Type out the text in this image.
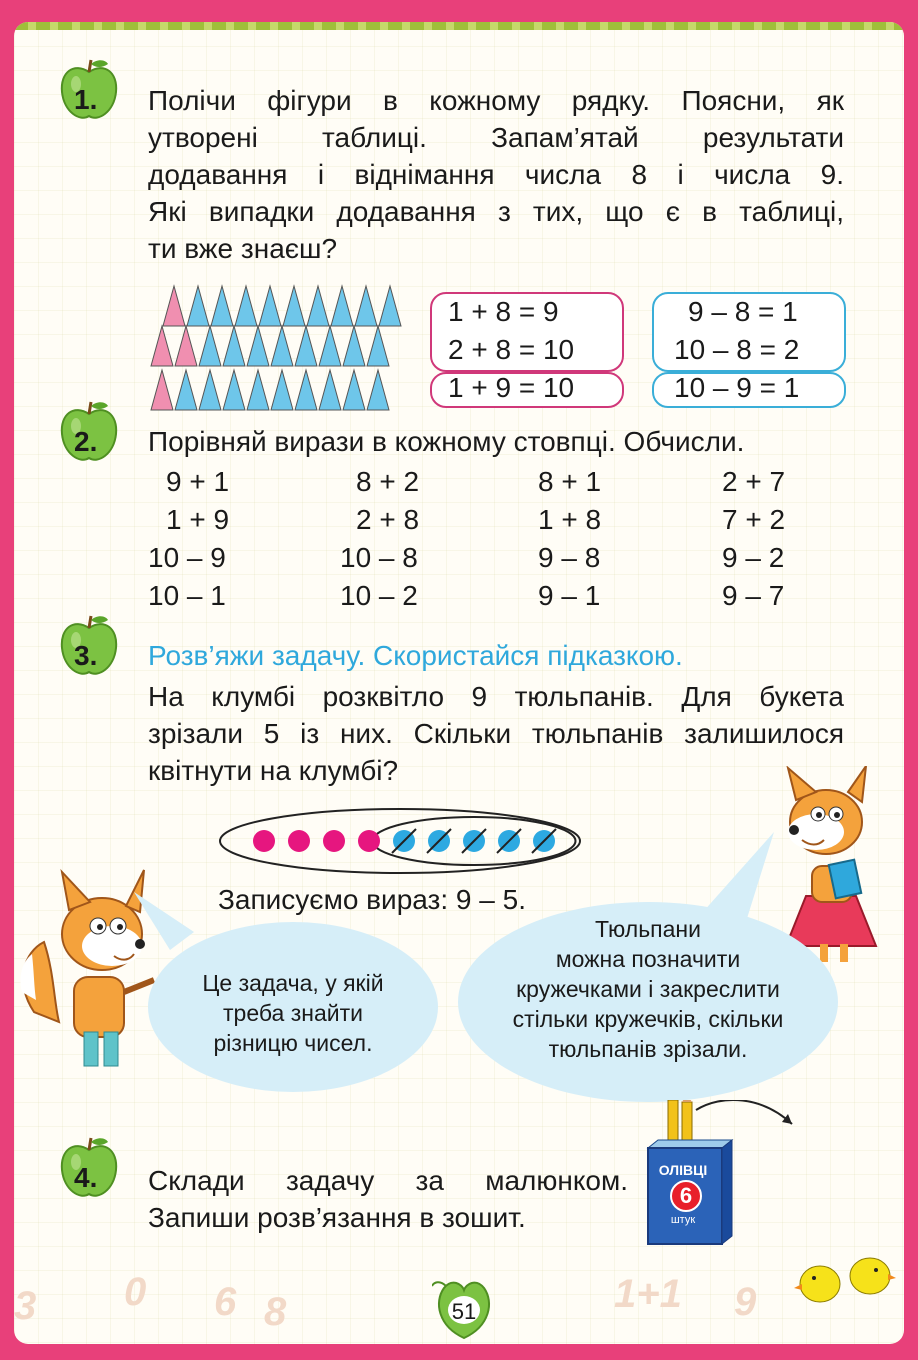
3 0 6 8	1+1 9
1. Полічи фігури в кожному рядку. Поясни, як
утворені таблиці. Запам’ятай результати
додавання і віднімання числа 8 і числа 9.
Які випадки додавання з тих, що є в таблиці,
ти вже знаєш?
1 + 8 = 9
2 + 8 = 10
1 + 9 = 10
9 – 8 = 1
10 – 8 = 2
10 – 9 = 1
2. Порівняй вирази в кожному стовпці. Обчисли.
9 + 1
1 + 9
10 – 9
10 – 1
8 + 2
2 + 8
10 – 8
10 – 2
8 + 1
1 + 8
9 – 8
9 – 1
2 + 7
7 + 2
9 – 2
9 – 7
3. Розв’яжи задачу. Скористайся підказкою.
На клумбі розквітло 9 тюльпанів. Для букета
зрізали 5 із них. Скільки тюльпанів залишилося
квітнути на клумбі?
Записуємо вираз: 9 – 5.
Це задача, у якій
треба знайти
різницю чисел.
Тюльпани
можна позначити
кружечками і закреслити
стільки кружечків, скільки
тюльпанів зрізали.
4. Склади задачу за малюнком.
Запиши розв’язання в зошит.
ОЛІВЦІ
6
штук
51
